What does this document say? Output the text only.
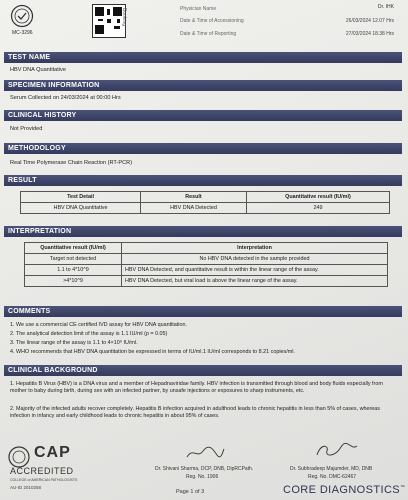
MC-3296
Booking
Dr. IHK
Physician Name
Date & Time of Accessioning	26/03/2024 12.07 Hrs
Date & Time of Reporting	27/03/2024 18.38 Hrs
TEST NAME
HBV DNA Quantitative
SPECIMEN INFORMATION
Serum Collected on 24/03/2024 at 00:00 Hrs
CLINICAL HISTORY
Not Provided
METHODOLOGY
Real Time Polymerase Chain Reaction (RT-PCR)
RESULT
Test Detail	Result	Quantitative result (IU/ml)
HBV DNA Quantitative	HBV DNA Detected	249
INTERPRETATION
Quantitative result (IU/ml)	Interpretation
Target not detected	No HBV DNA detected in the sample provided
1.1 to 4*10^9	HBV DNA Detected, and quantitative result is within the linear range of the assay.
>4*10^9	HBV DNA Detected, but viral load is above the linear range of the assay.
COMMENTS
1. We use a commercial CE certified IVD assay for HBV DNA quantitation.
2. The analytical detection limit of the assay is 1.1 IU/ml (p = 0.05)
3. The linear range of the assay is 1.1 to 4×10⁹ IU/ml.
4. WHO recommends that HBV DNA quantitation be expressed in terms of IU/ml.1 IU/ml corresponds to 8.21 copies/ml.
CLINICAL BACKGROUND
1. Hepatitis B Virus (HBV) is a DNA virus and a member of Hepadnaviridae family. HBV infection is transmitted through blood and body fluids especially from mother to baby during birth, during sex with an infected partner, by unsafe injections or exposures to sharp instruments, etc.
2. Majority of the infected adults recover completely. Hepatitis B infection acquired in adulthood leads to chronic hepatitis in less than 5% of cases, whereas infection in infancy and early childhood leads to chronic hepatitis in about 95% of cases.
CAP
ACCREDITED
COLLEGE of AMERICAN PATHOLOGISTS
AU-ID 2010258
Dr. Shivani Sharma, DCP, DNB, DipRCPath.
Reg. No. 1906
Dr. Subhradeep Majumder, MD, DNB
Reg. No. DMC-62467
Page 1 of 3	CORE DIAGNOSTICS™
